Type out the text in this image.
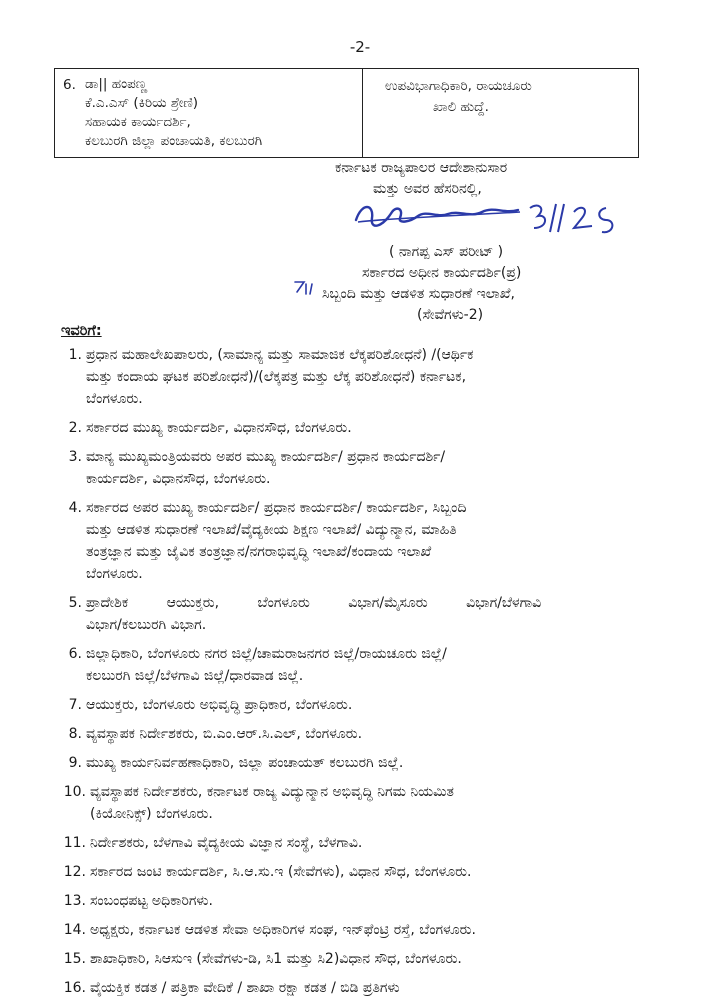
-2-
6. ಡಾ|| ಹಂಪಣ್ಣ
ಕೆ.ಎ.ಎಸ್ (ಕಿರಿಯ ಶ್ರೇಣಿ)
ಸಹಾಯಕ ಕಾರ್ಯದರ್ಶಿ,
ಕಲಬುರಗಿ ಜಿಲ್ಲಾ ಪಂಚಾಯತಿ, ಕಲಬುರಗಿ
ಉಪವಿಭಾಗಾಧಿಕಾರಿ, ರಾಯಚೂರು
ಖಾಲಿ ಹುದ್ದೆ.
ಕರ್ನಾಟಕ ರಾಜ್ಯಪಾಲರ ಆದೇಶಾನುಸಾರ
ಮತ್ತು ಅವರ ಹೆಸರಿನಲ್ಲಿ,
( ನಾಗಪ್ಪ ಎಸ್ ಪರೀಟ್ )
ಸರ್ಕಾರದ ಅಧೀನ ಕಾರ್ಯದರ್ಶಿ(ಪ್ರ)
ಸಿಬ್ಬಂದಿ ಮತ್ತು ಆಡಳಿತ ಸುಧಾರಣೆ ಇಲಾಖೆ,
(ಸೇವೆಗಳು-2)
ಇವರಿಗೆ:
1. ಪ್ರಧಾನ ಮಹಾಲೇಖಪಾಲರು, (ಸಾಮಾನ್ಯ ಮತ್ತು ಸಾಮಾಜಿಕ ಲೆಕ್ಕಪರಿಶೋಧನೆ) /(ಆರ್ಥಿಕ
ಮತ್ತು ಕಂದಾಯ ಘಟಕ ಪರಿಶೋಧನೆ)/(ಲೆಕ್ಕಪತ್ರ ಮತ್ತು ಲೆಕ್ಕ ಪರಿಶೋಧನೆ) ಕರ್ನಾಟಕ,
ಬೆಂಗಳೂರು.
2. ಸರ್ಕಾರದ ಮುಖ್ಯ ಕಾರ್ಯದರ್ಶಿ, ವಿಧಾನಸೌಧ, ಬೆಂಗಳೂರು.
3. ಮಾನ್ಯ ಮುಖ್ಯಮಂತ್ರಿಯವರು ಅಪರ ಮುಖ್ಯ ಕಾರ್ಯದರ್ಶಿ/ ಪ್ರಧಾನ ಕಾರ್ಯದರ್ಶಿ/
ಕಾರ್ಯದರ್ಶಿ, ವಿಧಾನಸೌಧ, ಬೆಂಗಳೂರು.
4. ಸರ್ಕಾರದ ಅಪರ ಮುಖ್ಯ ಕಾರ್ಯದರ್ಶಿ/ ಪ್ರಧಾನ ಕಾರ್ಯದರ್ಶಿ/ ಕಾರ್ಯದರ್ಶಿ, ಸಿಬ್ಬಂದಿ
ಮತ್ತು ಆಡಳಿತ ಸುಧಾರಣೆ ಇಲಾಖೆ/ವೈದ್ಯಕೀಯ ಶಿಕ್ಷಣ ಇಲಾಖೆ/ ವಿದ್ಯುನ್ಮಾನ, ಮಾಹಿತಿ
ತಂತ್ರಜ್ಞಾನ ಮತ್ತು ಜೈವಿಕ ತಂತ್ರಜ್ಞಾನ/ನಗರಾಭಿವೃದ್ಧಿ ಇಲಾಖೆ/ಕಂದಾಯ ಇಲಾಖೆ
ಬೆಂಗಳೂರು.
5. ಪ್ರಾದೇಶಿಕ ಆಯುಕ್ತರು, ಬೆಂಗಳೂರು ವಿಭಾಗ/ಮೈಸೂರು ವಿಭಾಗ/ಬೆಳಗಾವಿ
ವಿಭಾಗ/ಕಲಬುರಗಿ ವಿಭಾಗ.
6. ಜಿಲ್ಲಾಧಿಕಾರಿ, ಬೆಂಗಳೂರು ನಗರ ಜಿಲ್ಲೆ/ಚಾಮರಾಜನಗರ ಜಿಲ್ಲೆ/ರಾಯಚೂರು ಜಿಲ್ಲೆ/
ಕಲಬುರಗಿ ಜಿಲ್ಲೆ/ಬೆಳಗಾವಿ ಜಿಲ್ಲೆ/ಧಾರವಾಡ ಜಿಲ್ಲೆ.
7. ಆಯುಕ್ತರು, ಬೆಂಗಳೂರು ಅಭಿವೃದ್ಧಿ ಪ್ರಾಧಿಕಾರ, ಬೆಂಗಳೂರು.
8. ವ್ಯವಸ್ಥಾಪಕ ನಿರ್ದೇಶಕರು, ಬಿ.ಎಂ.ಆರ್.ಸಿ.ಎಲ್, ಬೆಂಗಳೂರು.
9. ಮುಖ್ಯ ಕಾರ್ಯನಿರ್ವಹಣಾಧಿಕಾರಿ, ಜಿಲ್ಲಾ ಪಂಚಾಯತ್ ಕಲಬುರಗಿ ಜಿಲ್ಲೆ.
10. ವ್ಯವಸ್ಥಾಪಕ ನಿರ್ದೇಶಕರು, ಕರ್ನಾಟಕ ರಾಜ್ಯ ವಿದ್ಯುನ್ಮಾನ ಅಭಿವೃದ್ಧಿ ನಿಗಮ ನಿಯಮಿತ
(ಕಿಯೋನಿಕ್ಸ್) ಬೆಂಗಳೂರು.
11. ನಿರ್ದೇಶಕರು, ಬೆಳಗಾವಿ ವೈದ್ಯಕೀಯ ವಿಜ್ಞಾನ ಸಂಸ್ಥೆ, ಬೆಳಗಾವಿ.
12. ಸರ್ಕಾರದ ಜಂಟಿ ಕಾರ್ಯದರ್ಶಿ, ಸಿ.ಆ.ಸು.ಇ (ಸೇವೆಗಳು), ವಿಧಾನ ಸೌಧ, ಬೆಂಗಳೂರು.
13. ಸಂಬಂಧಪಟ್ಟ ಅಧಿಕಾರಿಗಳು.
14. ಅಧ್ಯಕ್ಷರು, ಕರ್ನಾಟಕ ಆಡಳಿತ ಸೇವಾ ಅಧಿಕಾರಿಗಳ ಸಂಘ, ಇನ್‌ಫೆಂಟ್ರಿ ರಸ್ತೆ, ಬೆಂಗಳೂರು.
15. ಶಾಖಾಧಿಕಾರಿ, ಸಿಆಸುಇ (ಸೇವೆಗಳು-ಡಿ, ಸಿ1 ಮತ್ತು ಸಿ2)ವಿಧಾನ ಸೌಧ, ಬೆಂಗಳೂರು.
16. ವೈಯಕ್ತಿಕ ಕಡತ / ಪತ್ರಿಕಾ ವೇದಿಕೆ / ಶಾಖಾ ರಕ್ಷಾ ಕಡತ / ಬಿಡಿ ಪ್ರತಿಗಳು
